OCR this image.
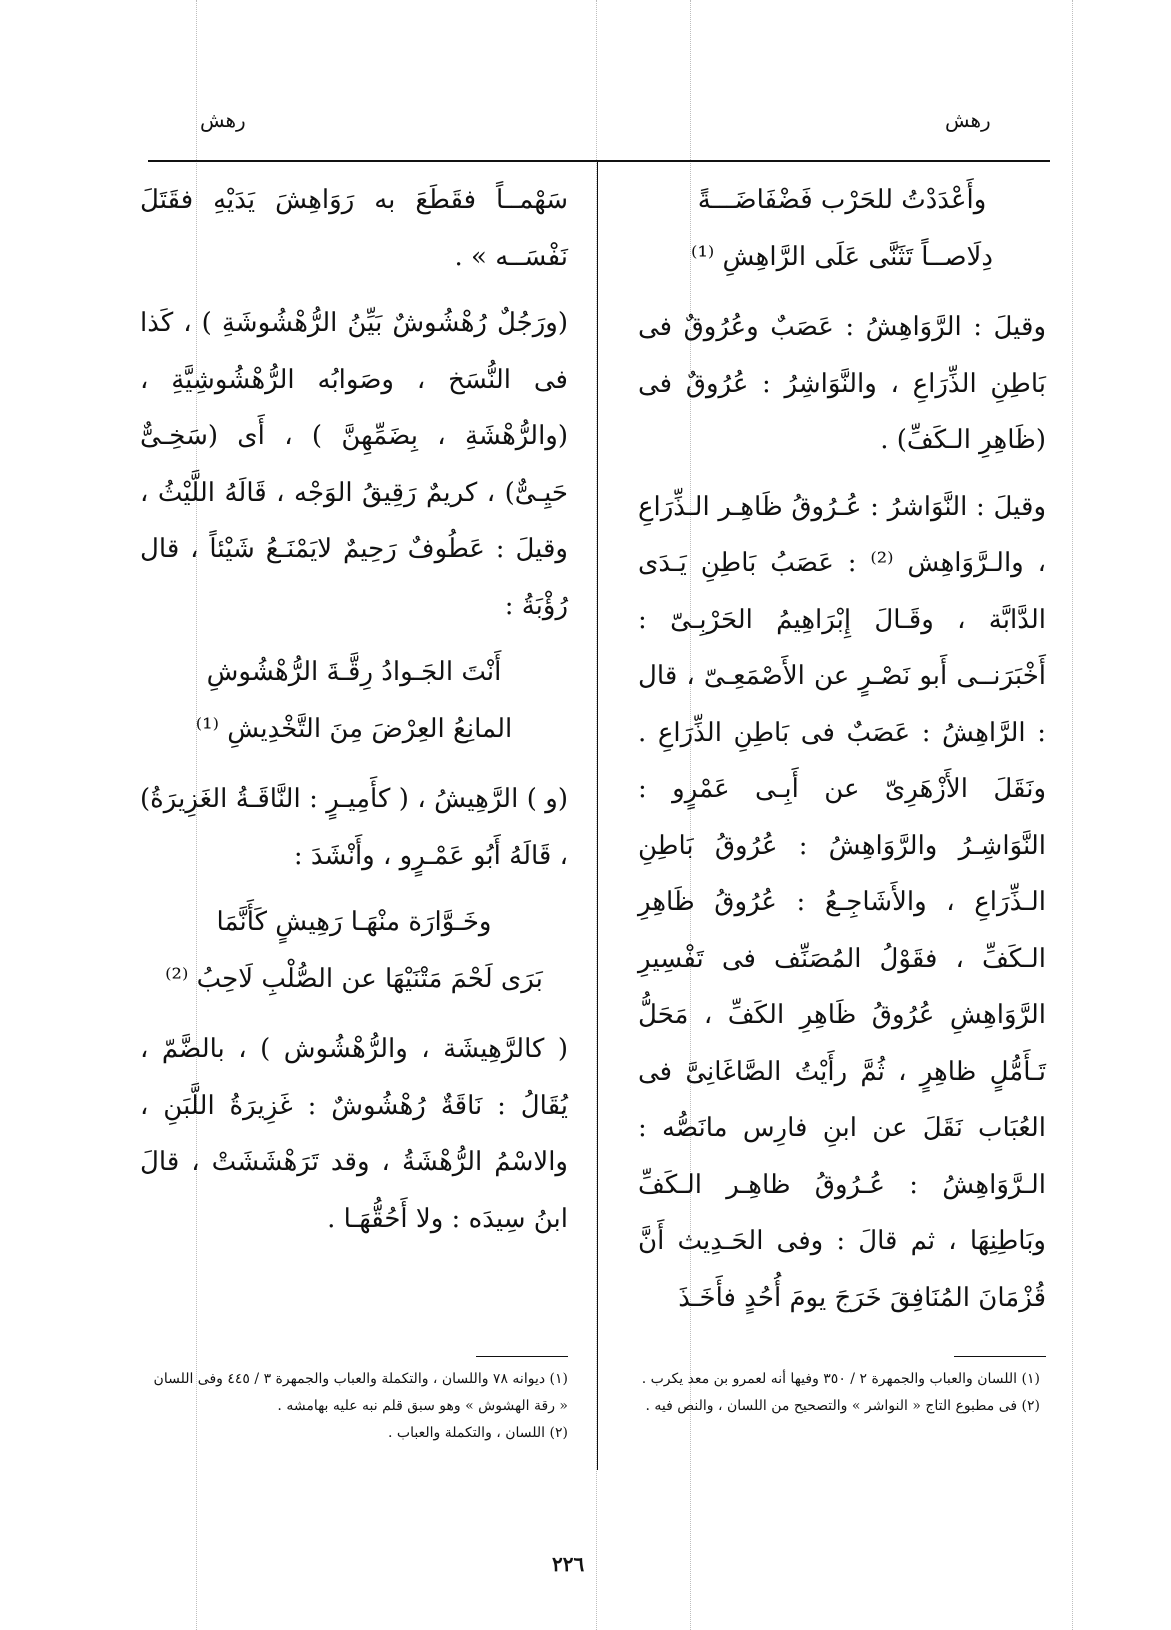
رهش	رهش
وأَعْدَدْتُ للحَرْب فَضْفَاضَـــةً
دِلَاصــاً تَثَنَّى عَلَى الرَّاهِشِ ⁽¹⁾

وقيلَ : الرَّوَاهِشُ : عَصَبٌ وعُرُوقٌ فى بَاطِنِ الذِّرَاعِ ، والنَّوَاشِرُ : عُرُوقٌ فى (ظَاهِرِ الـكَفِّ) .

وقيلَ : النَّوَاشرُ : عُـرُوقُ ظَاهِـر الـذِّرَاعِ ، والـرَّوَاهِش ⁽²⁾ : عَصَبُ بَاطِنِ يَـدَى الدَّابَّة ، وقَـالَ إِبْرَاهِيمُ الحَرْبِـىّ : أَخْبَرَنــى أَبو نَصْـرٍ عن الأَصْمَعِـىّ ، قال : الرَّاهِشُ : عَصَبٌ فى بَاطِنِ الذِّرَاعِ . ونَقَلَ الأَزْهَرِىّ عن أَبِـى عَمْرٍو : النَّوَاشِـرُ والرَّوَاهِشُ : عُرُوقُ بَاطِنِ الـذِّرَاعِ ، والأَشَاجِـعُ : عُرُوقُ ظَاهِرِ الـكَفِّ ، فقَوْلُ المُصَنِّف فى تَفْسِيرِ الرَّوَاهِشِ عُرُوقُ ظَاهِرِ الكَفِّ ، مَحَلُّ تَـأَمُّلٍ ظاهِرٍ ، ثُمَّ رأَيْتُ الصَّاغَانِىَّ فى العُبَاب نَقَلَ عن ابنِ فارِس مانَصُّه : الـرَّوَاهِشُ : عُـرُوقُ ظاهِـر الـكَفِّ وبَاطِنِهَا ، ثم قالَ : وفى الحَـدِيث أَنَّ قُزْمَانَ المُنَافِقَ خَرَجَ يومَ أُحُدٍ فأَخَـذَ

سَهْمــاً فقَطَعَ به رَوَاهِشَ يَدَيْهِ فقَتَلَ نَفْسَــه » .

(ورَجُلٌ رُهْشُوشٌ بَيِّنُ الرُّهْشُوشَةِ ) ، كَذا فى النُّسَخ ، وصَوابُه الرُّهْشُوشِيَّةِ ، (والرُّهْشَةِ ، بِضَمِّهِنَّ ) ، أَى (سَخِـىٌّ حَيِـىٌّ) ، كريمٌ رَقِيقُ الوَجْه ، قَالَهُ اللَّيْثُ ، وقيلَ : عَطُوفٌ رَحِيمٌ لايَمْنَـعُ شَيْئاً ، قال رُؤْبَةُ :

أَنْتَ الجَـوادُ رِقَّـةَ الرُّهْشُوشِ
المانِعُ العِرْضَ مِنَ التَّخْدِيشِ ⁽¹⁾

(و ) الرَّهِيشُ ، ( كأَمِيـرٍ : النَّاقَـةُ الغَزِيرَةُ) ، قَالَهُ أَبُو عَمْـرٍو ، وأَنْشَدَ :

وخَـوَّارَة منْهَـا رَهِيشٍ كَأَنَّمَا
بَرَى لَحْمَ مَتْنَيْهَا عن الصُّلْبِ لَاحِبُ ⁽²⁾

( كالرَّهِيشَة ، والرُّهْشُوش ) ، بالضَّمّ ، يُقَالُ : نَاقَةٌ رُهْشُوشٌ : غَزِيرَةُ اللَّبَنِ ، والاسْمُ الرُّهْشَةُ ، وقد تَرَهْشَشَتْ ، قالَ ابنُ سِيدَه : ولا أَحُقُّهَـا .

(١) اللسان والعباب والجمهرة ٢ / ٣٥٠ وفيها أنه لعمرو بن معد يكرب .

(٢) فى مطبوع التاج « النواشر » والتصحيح من اللسان ، والنص فيه .

(١) ديوانه ٧٨ واللسان ، والتكملة والعباب والجمهرة ٣ / ٤٤٥ وفى اللسان « رقة الهشوش » وهو سبق قلم نبه عليه بهامشه .

(٢) اللسان ، والتكملة والعباب .

٢٢٦
